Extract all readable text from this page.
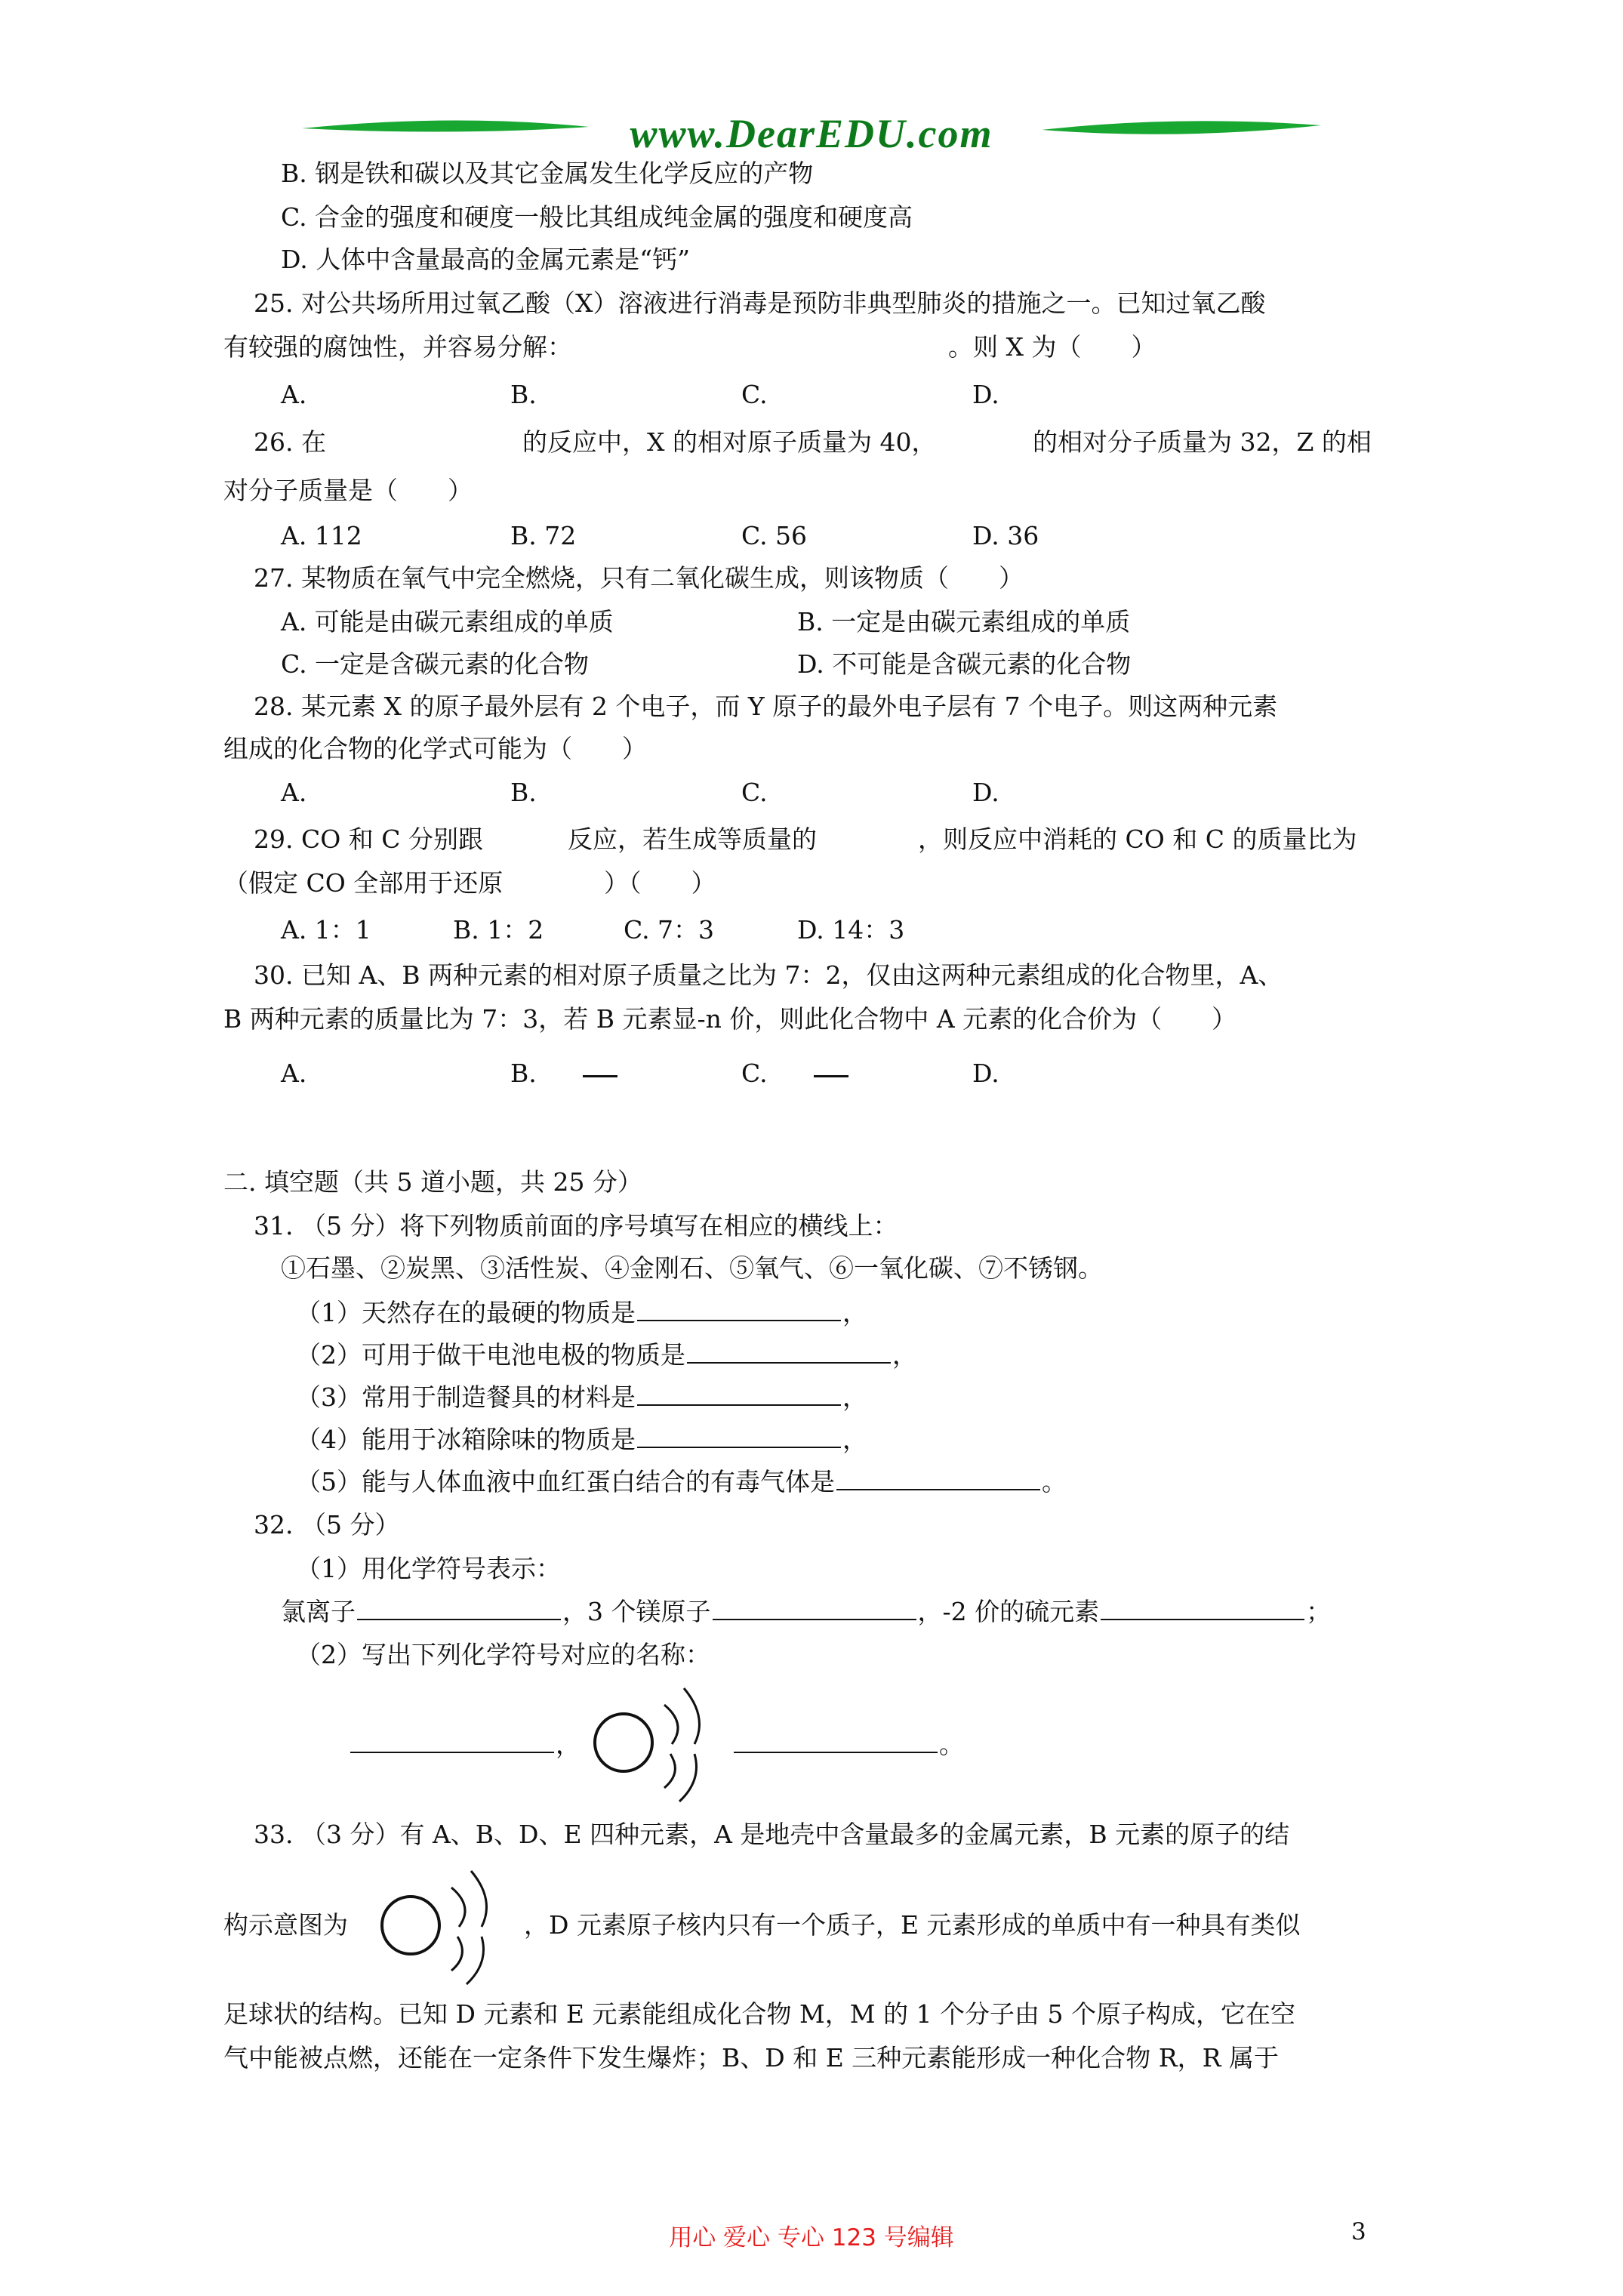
www.DearEDU.com
B. 钢是铁和碳以及其它金属发生化学反应的产物
C. 合金的强度和硬度一般比其组成纯金属的强度和硬度高
D. 人体中含量最高的金属元素是“钙”
25. 对公共场所用过氧乙酸（X）溶液进行消毒是预防非典型肺炎的措施之一。已知过氧乙酸
有较强的腐蚀性，并容易分解：	。则 X 为（　　）
A.	B.	C.	D.
26. 在	的反应中，X 的相对原子质量为 40，	的相对分子质量为 32，Z 的相
对分子质量是（　　）
A. 112	B. 72	C. 56	D. 36
27. 某物质在氧气中完全燃烧，只有二氧化碳生成，则该物质（　　）
A. 可能是由碳元素组成的单质	B. 一定是由碳元素组成的单质
C. 一定是含碳元素的化合物	D. 不可能是含碳元素的化合物
28. 某元素 X 的原子最外层有 2 个电子，而 Y 原子的最外电子层有 7 个电子。则这两种元素
组成的化合物的化学式可能为（　　）
A.	B.	C.	D.
29. CO 和 C 分别跟	反应，若生成等质量的	，则反应中消耗的 CO 和 C 的质量比为
（假定 CO 全部用于还原	）（　　）
A. 1：1	B. 1：2	C. 7：3	D. 14：3
30. 已知 A、B 两种元素的相对原子质量之比为 7：2，仅由这两种元素组成的化合物里，A、
B 两种元素的质量比为 7：3，若 B 元素显-n 价，则此化合物中 A 元素的化合价为（　　）
A.	B.	C.	D.
二. 填空题（共 5 道小题，共 25 分）
31. （5 分）将下列物质前面的序号填写在相应的横线上：
①石墨、②炭黑、③活性炭、④金刚石、⑤氧气、⑥一氧化碳、⑦不锈钢。
（1）天然存在的最硬的物质是	，
（2）可用于做干电池电极的物质是	，
（3）常用于制造餐具的材料是	，
（4）能用于冰箱除味的物质是	，
（5）能与人体血液中血红蛋白结合的有毒气体是	。
32. （5 分）
（1）用化学符号表示：
氯离子	，3 个镁原子	，-2 价的硫元素	；
（2）写出下列化学符号对应的名称：
，	。
33. （3 分）有 A、B、D、E 四种元素，A 是地壳中含量最多的金属元素，B 元素的原子的结
构示意图为	，D 元素原子核内只有一个质子，E 元素形成的单质中有一种具有类似
足球状的结构。已知 D 元素和 E 元素能组成化合物 M，M 的 1 个分子由 5 个原子构成，它在空
气中能被点燃，还能在一定条件下发生爆炸；B、D 和 E 三种元素能形成一种化合物 R，R 属于
用心 爱心 专心 123 号编辑	3
